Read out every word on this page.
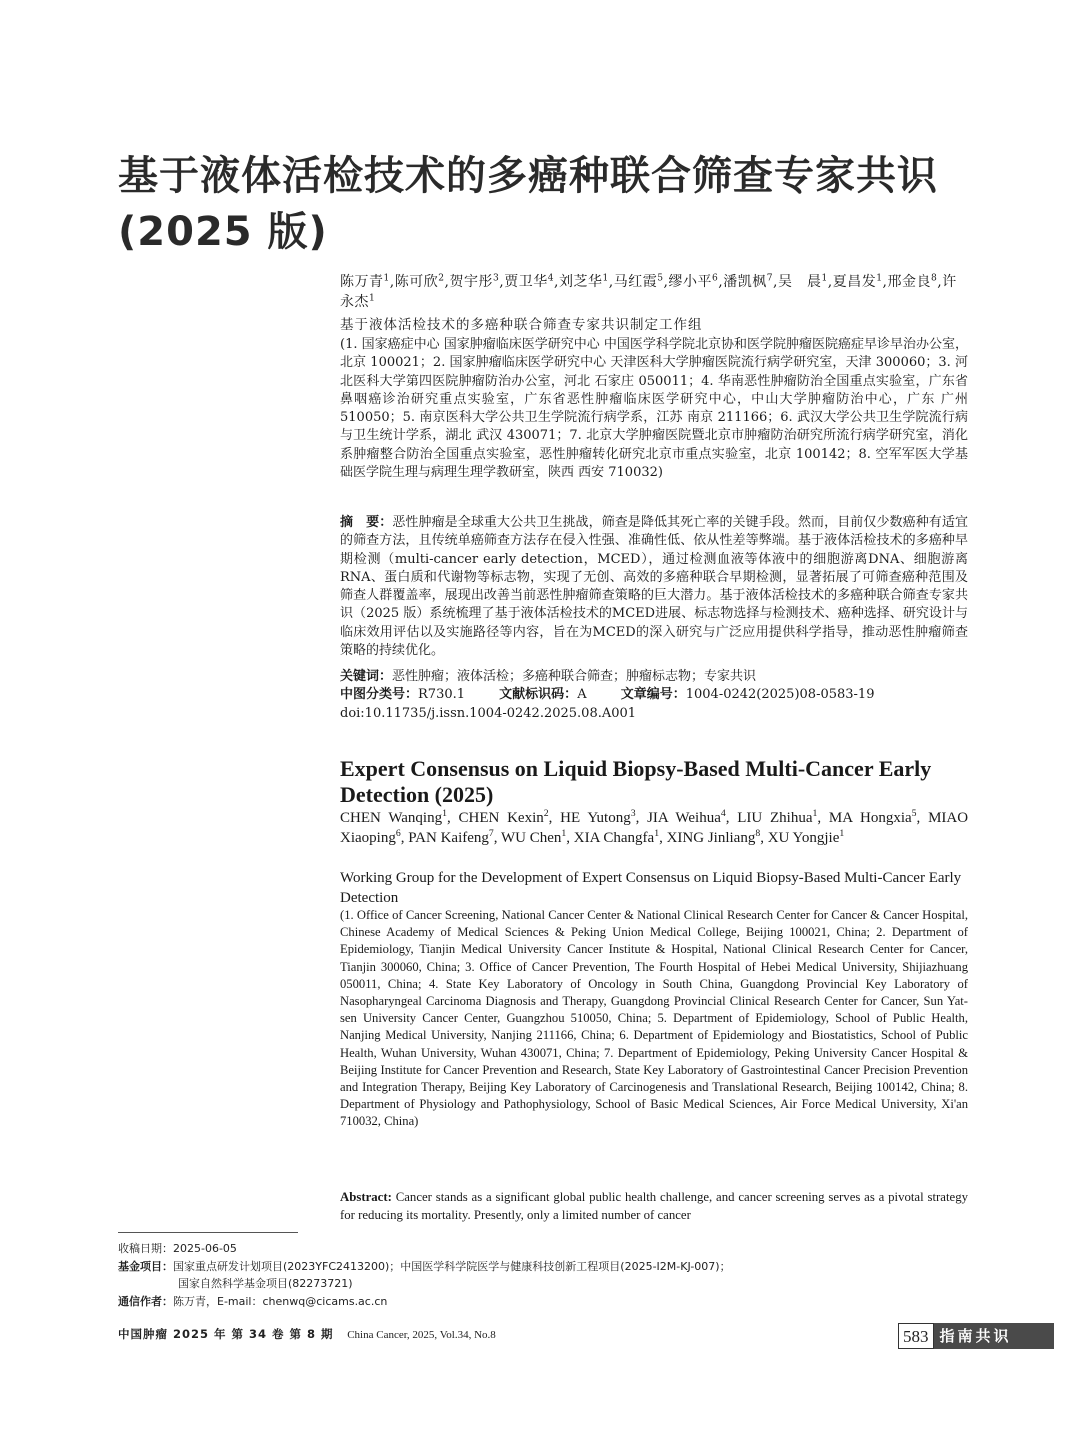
基于液体活检技术的多癌种联合筛查专家共识
(2025 版)
陈万青$^1$,陈可欣$^2$,贺宇彤$^3$,贾卫华$^4$,刘芝华$^1$,马红霞$^5$,缪小平$^6$,潘凯枫$^7$,吴　晨$^1$,夏昌发$^1$,邢金良$^8$,许永杰$^1$
基于液体活检技术的多癌种联合筛查专家共识制定工作组
(1. 国家癌症中心 国家肿瘤临床医学研究中心 中国医学科学院北京协和医学院肿瘤医院癌症早诊早治办公室，北京 100021；2. 国家肿瘤临床医学研究中心 天津医科大学肿瘤医院流行病学研究室，天津 300060；3. 河北医科大学第四医院肿瘤防治办公室，河北 石家庄 050011；4. 华南恶性肿瘤防治全国重点实验室，广东省鼻咽癌诊治研究重点实验室，广东省恶性肿瘤临床医学研究中心，中山大学肿瘤防治中心，广东 广州 510050；5. 南京医科大学公共卫生学院流行病学系，江苏 南京 211166；6. 武汉大学公共卫生学院流行病与卫生统计学系，湖北 武汉 430071；7. 北京大学肿瘤医院暨北京市肿瘤防治研究所流行病学研究室，消化系肿瘤整合防治全国重点实验室，恶性肿瘤转化研究北京市重点实验室，北京 100142；8. 空军军医大学基础医学院生理与病理生理学教研室，陕西 西安 710032)
摘　要：恶性肿瘤是全球重大公共卫生挑战，筛查是降低其死亡率的关键手段。然而，目前仅少数癌种有适宜的筛查方法，且传统单癌筛查方法存在侵入性强、准确性低、依从性差等弊端。基于液体活检技术的多癌种早期检测（multi-cancer early detection，MCED），通过检测血液等体液中的细胞游离DNA、细胞游离RNA、蛋白质和代谢物等标志物，实现了无创、高效的多癌种联合早期检测，显著拓展了可筛查癌种范围及筛查人群覆盖率，展现出改善当前恶性肿瘤筛查策略的巨大潜力。基于液体活检技术的多癌种联合筛查专家共识（2025 版）系统梳理了基于液体活检技术的MCED进展、标志物选择与检测技术、癌种选择、研究设计与临床效用评估以及实施路径等内容，旨在为MCED的深入研究与广泛应用提供科学指导，推动恶性肿瘤筛查策略的持续优化。
关键词：恶性肿瘤；液体活检；多癌种联合筛查；肿瘤标志物；专家共识
中图分类号：R730.1	文献标识码：A	文章编号：1004-0242(2025)08-0583-19
doi:10.11735/j.issn.1004-0242.2025.08.A001
Expert Consensus on Liquid Biopsy-Based Multi-Cancer Early Detection (2025)
CHEN Wanqing$^1$, CHEN Kexin$^2$, HE Yutong$^3$, JIA Weihua$^4$, LIU Zhihua$^1$, MA Hongxia$^5$, MIAO Xiaoping$^6$, PAN Kaifeng$^7$, WU Chen$^1$, XIA Changfa$^1$, XING Jinliang$^8$, XU Yongjie$^1$
Working Group for the Development of Expert Consensus on Liquid Biopsy-Based Multi-Cancer Early Detection
(1. Office of Cancer Screening, National Cancer Center & National Clinical Research Center for Cancer & Cancer Hospital, Chinese Academy of Medical Sciences & Peking Union Medical College, Beijing 100021, China; 2. Department of Epidemiology, Tianjin Medical University Cancer Institute & Hospital, National Clinical Research Center for Cancer, Tianjin 300060, China; 3. Office of Cancer Prevention, The Fourth Hospital of Hebei Medical University, Shijiazhuang 050011, China; 4. State Key Laboratory of Oncology in South China, Guangdong Provincial Key Laboratory of Nasopharyngeal Carcinoma Diagnosis and Therapy, Guangdong Provincial Clinical Research Center for Cancer, Sun Yat-sen University Cancer Center, Guangzhou 510050, China; 5. Department of Epidemiology, School of Public Health, Nanjing Medical University, Nanjing 211166, China; 6. Department of Epidemiology and Biostatistics, School of Public Health, Wuhan University, Wuhan 430071, China; 7. Department of Epidemiology, Peking University Cancer Hospital & Beijing Institute for Cancer Prevention and Research, State Key Laboratory of Gastrointestinal Cancer Precision Prevention and Integration Therapy, Beijing Key Laboratory of Carcinogenesis and Translational Research, Beijing 100142, China; 8. Department of Physiology and Pathophysiology, School of Basic Medical Sciences, Air Force Medical University, Xi'an 710032, China)
Abstract: Cancer stands as a significant global public health challenge, and cancer screening serves as a pivotal strategy for reducing its mortality. Presently, only a limited number of cancer
收稿日期：2025-06-05
基金项目：国家重点研发计划项目(2023YFC2413200)；中国医学科学院医学与健康科技创新工程项目(2025-I2M-KJ-007)；
国家自然科学基金项目(82273721)
通信作者：陈万青，E-mail：chenwq@cicams.ac.cn
中国肿瘤 2025 年 第 34 卷 第 8 期 China Cancer, 2025, Vol.34, No.8	583 指南共识
